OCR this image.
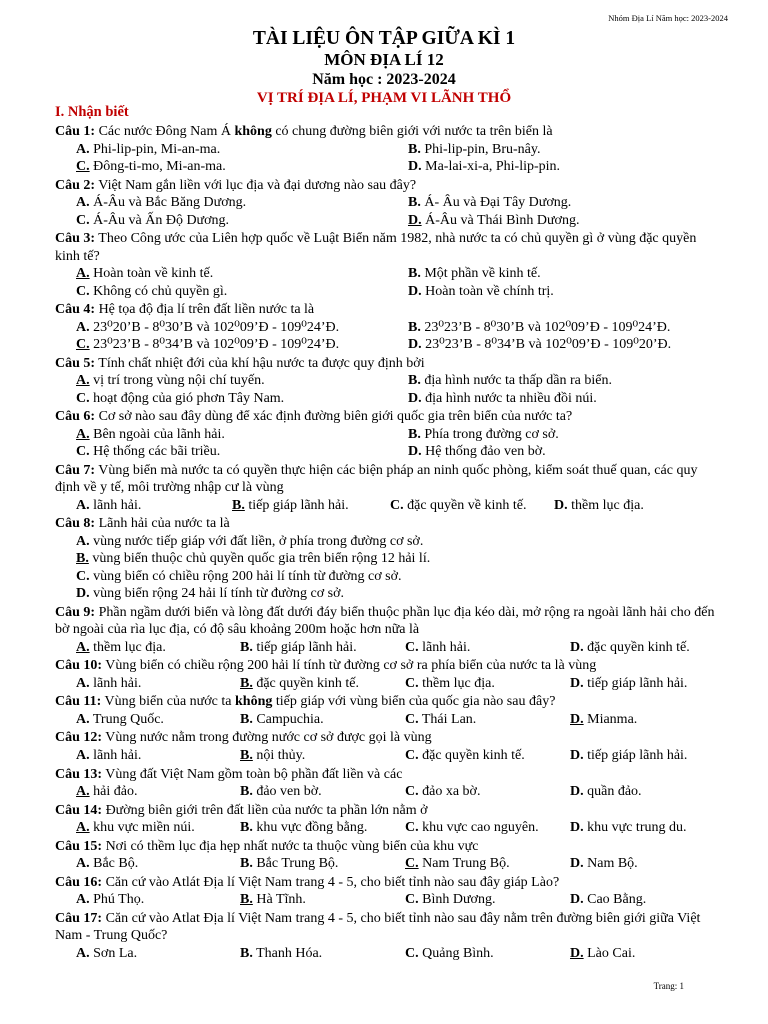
Nhóm Địa Lí Năm học: 2023-2024
TÀI LIỆU ÔN TẬP GIỮA KÌ 1
MÔN ĐỊA LÍ 12
Năm học : 2023-2024
VỊ TRÍ ĐỊA LÍ, PHẠM VI LÃNH THỔ
I. Nhận biết
Câu 1: Các nước Đông Nam Á không có chung đường biên giới với nước ta trên biển là
A. Phi-lip-pin, Mi-an-ma.	B. Phi-lip-pin, Bru-nây.
C. Đông-ti-mo, Mi-an-ma.	D. Ma-lai-xi-a, Phi-lip-pin.
Câu 2: Việt Nam gắn liền với lục địa và đại dương nào sau đây?
A. Á-Âu và Bắc Băng Dương.	B. Á- Âu và Đại Tây Dương.
C. Á-Âu và Ấn Độ Dương.	D. Á-Âu và Thái Bình Dương.
Câu 3: Theo Công ước của Liên hợp quốc về Luật Biển năm 1982, nhà nước ta có chủ quyền gì ở vùng đặc quyền kinh tế?
A. Hoàn toàn về kinh tế.	B. Một phần về kinh tế.
C. Không có chủ quyền gì.	D. Hoàn toàn về chính trị.
Câu 4: Hệ tọa độ địa lí trên đất liền nước ta là
A. 23⁰20’B - 8⁰30’B và 102⁰09’Đ - 109⁰24’Đ.	B. 23⁰23’B - 8⁰30’B và 102⁰09’Đ - 109⁰24’Đ.
C. 23⁰23’B - 8⁰34’B và 102⁰09’Đ - 109⁰24’Đ.	D. 23⁰23’B - 8⁰34’B và 102⁰09’Đ - 109⁰20’Đ.
Câu 5: Tính chất nhiệt đới của khí hậu nước ta được quy định bởi
A. vị trí trong vùng nội chí tuyến.	B. địa hình nước ta thấp dần ra biển.
C. hoạt động của gió phơn Tây Nam.	D. địa hình nước ta nhiều đồi núi.
Câu 6: Cơ sở nào sau đây dùng để xác định đường biên giới quốc gia trên biển của nước ta?
A. Bên ngoài của lãnh hải.	B. Phía trong đường cơ sở.
C. Hệ thống các bãi triều.	D. Hệ thống đảo ven bờ.
Câu 7: Vùng biển mà nước ta có quyền thực hiện các biện pháp an ninh quốc phòng, kiểm soát thuế quan, các quy định về y tế, môi trường nhập cư là vùng
A. lãnh hải.	B. tiếp giáp lãnh hải.	C. đặc quyền về kinh tế.	D. thềm lục địa.
Câu 8: Lãnh hải của nước ta là
A. vùng nước tiếp giáp với đất liền, ở phía trong đường cơ sở.
B. vùng biển thuộc chủ quyền quốc gia trên biển rộng 12 hải lí.
C. vùng biển có chiều rộng 200 hải lí tính từ đường cơ sở.
D. vùng biển rộng 24 hải lí tính từ đường cơ sở.
Câu 9: Phần ngầm dưới biển và lòng đất dưới đáy biển thuộc phần lục địa kéo dài, mở rộng ra ngoài lãnh hải cho đến bờ ngoài của rìa lục địa, có độ sâu khoảng 200m hoặc hơn nữa là
A. thềm lục địa.	B. tiếp giáp lãnh hải.	C. lãnh hải.	D. đặc quyền kinh tế.
Câu 10: Vùng biển có chiều rộng 200 hải lí tính từ đường cơ sở ra phía biển của nước ta là vùng
A. lãnh hải.	B. đặc quyền kinh tế.	C. thềm lục địa.	D. tiếp giáp lãnh hải.
Câu 11: Vùng biển của nước ta không tiếp giáp với vùng biển của quốc gia nào sau đây?
A. Trung Quốc.	B. Campuchia.	C. Thái Lan.	D. Mianma.
Câu 12: Vùng nước nằm trong đường nước cơ sở được gọi là vùng
A. lãnh hải.	B. nội thủy.	C. đặc quyền kinh tế.	D. tiếp giáp lãnh hải.
Câu 13: Vùng đất Việt Nam gồm toàn bộ phần đất liền và các
A. hải đảo.	B. đảo ven bờ.	C. đảo xa bờ.	D. quần đảo.
Câu 14: Đường biên giới trên đất liền của nước ta phần lớn nằm ở
A. khu vực miền núi.	B. khu vực đồng bằng.	C. khu vực cao nguyên.	D. khu vực trung du.
Câu 15: Nơi có thềm lục địa hẹp nhất nước ta thuộc vùng biển của khu vực
A. Bắc Bộ.	B. Bắc Trung Bộ.	C. Nam Trung Bộ.	D. Nam Bộ.
Câu 16: Căn cứ vào Atlát Địa lí Việt Nam trang 4 - 5, cho biết tỉnh nào sau đây giáp Lào?
A. Phú Thọ.	B. Hà Tĩnh.	C. Bình Dương.	D. Cao Bằng.
Câu 17: Căn cứ vào Atlat Địa lí Việt Nam trang 4 - 5, cho biết tỉnh nào sau đây nằm trên đường biên giới giữa Việt Nam - Trung Quốc?
A. Sơn La.	B. Thanh Hóa.	C. Quảng Bình.	D. Lào Cai.
Trang: 1
